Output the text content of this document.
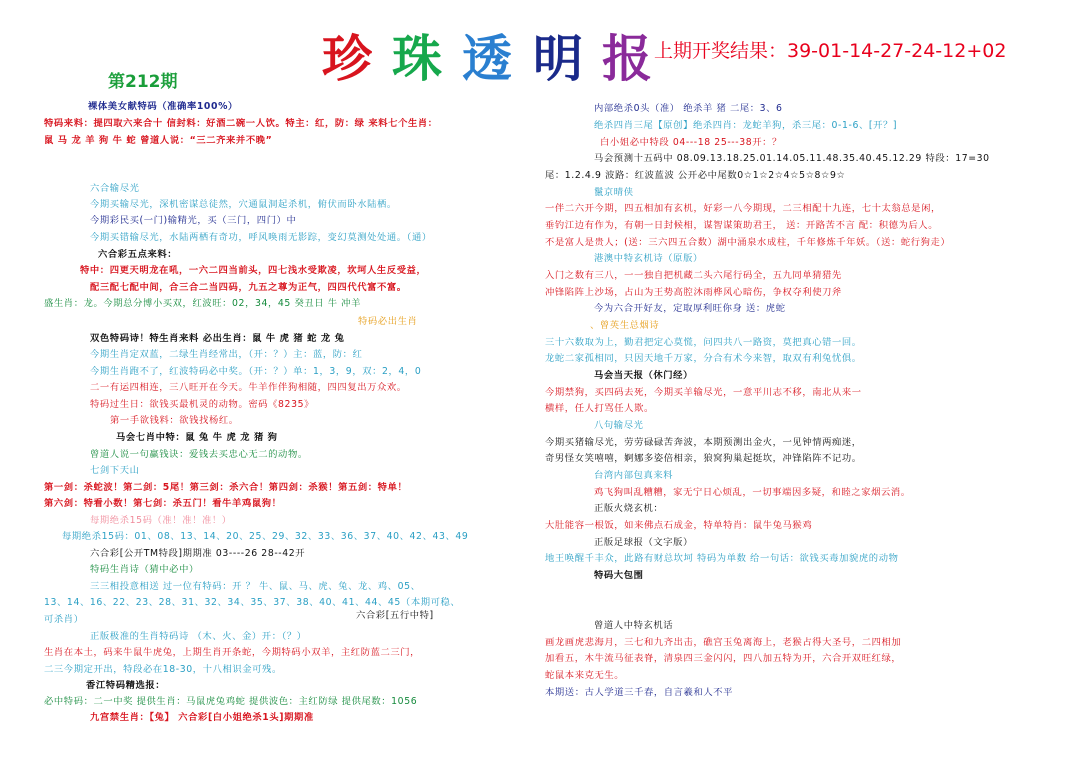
珍 珠 透 明 报 上期开奖结果：39-01-14-27-24-12+02
第212期
裸体美女献特码（准确率100%）
特码来料：提四取六来合十 信封料：好酒二碗一人饮。特主：红，防：绿 来料七个生肖：
鼠 马 龙 羊 狗 牛 蛇 曾道人说：“三二齐来并不晚”
六合输尽光
今期买输尽光，深机密谋总徒然，穴通鼠洞起杀机，俯伏而卧水陆栖。
今期彩民买(一门)输精光，买（三门，四门）中
今期买错输尽光，水陆两栖有奇功，呼风唤雨无影踪，变幻莫测处处通。（通）
六合彩五点来料：
特中：四更天明龙在吼，一六二四当前头，四七浅水受欺凌，坎坷人生反受益，
配三配七配中间，合三合二当四码，九五之尊为正气，四四代代富不富。
盛生肖：龙。今期总分博小买双，红波旺：02，34，45 癸丑日 牛 冲羊
特码必出生肖
双色特码诗！特生肖来料 必出生肖：鼠 牛 虎 猪 蛇 龙 兔
今期生肖定双蓝，二绿生肖经常出，（开：？）主：蓝，防：红
今期生肖跑不了，红波特码必中奖。（开：？）单：1，3，9，双：2，4，0
二一有运四相连，三八旺开在今天。牛羊作伴狗相随，四四复出万众欢。
特码过生日：欲钱买最机灵的动物。密码《8235》
第一手欲钱料：欲钱找杨红。
马会七肖中特：鼠 兔 牛 虎 龙 猪 狗
曾道人说一句赢钱诀：爱钱去买忠心无二的动物。
七剑下天山
第一剑：杀蛇波！第二剑：5尾！第三剑：杀六合！第四剑：杀猴！第五剑：特单！
第六剑：特看小数！第七剑：杀五门！看牛羊鸡鼠狗！
每期绝杀15码（准！准！准！）
每期绝杀15码：01、08、13、14、20、25、29、32、33、36、37、40、42、43、49
六合彩[公开TM特段]期期准 03----26 28--42开
特码生肖诗（猜中必中）
三三相投意相送 过一位有特码：开 ？ 牛、鼠、马、虎、兔、龙、鸡、05、
13、14、16、22、23、28、31、32、34、35、37、38、40、41、44、45（本期可稳、
可杀肖）	六合彩[五行中特]
正版极准的生肖特码诗 （木、火、金）开：（？）
生肖在本土，码来牛鼠牛虎兔，上期生肖开条蛇，今期特码小双羊，主红防蓝二三门，
二三今期定开出，特段必在18-30，十八相识金可残。
香江特码精选报：
必中特码：二一中奖 提供生肖：马鼠虎兔鸡蛇 提供波色：主红防绿 提供尾数：1056
九宫禁生肖：【兔】 六合彩[白小姐绝杀1头]期期准
内部绝杀0头（准） 绝杀羊 猪 二尾：3、6
绝杀四肖三尾【原创】绝杀四肖：龙蛇羊狗，杀三尾：0-1-6、[开？]
白小姐必中特段 04---18 25---38开：？
马会预测十五码中 08.09.13.18.25.01.14.05.11.48.35.40.45.12.29 特段：17=30
尾：1.2.4.9 波路：红波蓝波 公开必中尾数0☆1☆2☆4☆5☆8☆9☆
鬣京晴侠
一伴二六开今期，四五相加有玄机，好彩一八今期现，二三相配十九连，七十太翁总是闲，
垂钓江边有作为，有朝一日封候相，谋智谋策助君王， 送：开路苦不言 配：积德为后人。
不是富人是贵人；(送：三六四五合数）湖中涌泉水成柱，千年修炼千年妖。（送：蛇行狗走）
港澳中特玄机诗（原版）
入门之数有三八，一一独自把机藏二头六尾行码全，五九同单猜猎先
冲锋陷阵上沙场，占山为王势高腔沐雨桦风心暗伤，争权夺利使刀斧
今为六合开好友，定取厚利旺你身 送：虎蛇
、曾英生总烟诗
三十六数取为上，勤君把定心莫慌，问四共八一路资，莫把真心错一回。
龙蛇二家孤相同，只因天地千万家，分合有术今来智，取双有利兔忧俱。
马会当天报（休门经）
今期禁狗，买四码去死，今期买羊输尽光，一意平川志不移，南北从来一
横样，任人打骂任人欺。
八句输尽光
今期买猪输尽光，劳劳碌碌苦奔波，本期预测出金火，一见钟情两痴迷，
奇男怪女笑嘻嘻，婀娜多姿倍相亲，狼窝狗巢起挺坎，冲锋陷阵不记功。
台湾内部包真来料
鸡飞狗叫乱糟糟，家无宁日心烦乱，一切事端因多疑，和睦之家烟云消。
正版火烧玄机：
大肚能容一根饭，如来佛点石成金，特单特肖：鼠牛兔马猴鸡
正版足球报（文字版）
地王唤醒千丰众，此路有财总坎坷 特码为单数 给一句话：欲钱买毒加貌虎的动物
特码大包围
曾道人中特玄机话
画龙画虎悲海月，三七和九齐出击，礁宫玉兔离海上，老猴占得大圣号，二四相加
加看五，木牛流马征表脊，清泉四三金闪闪，四八加五特为开，六合开双旺红绿，
蛇鼠本来克无生。
本期送：古人学道三千春，自言羲和人不平
